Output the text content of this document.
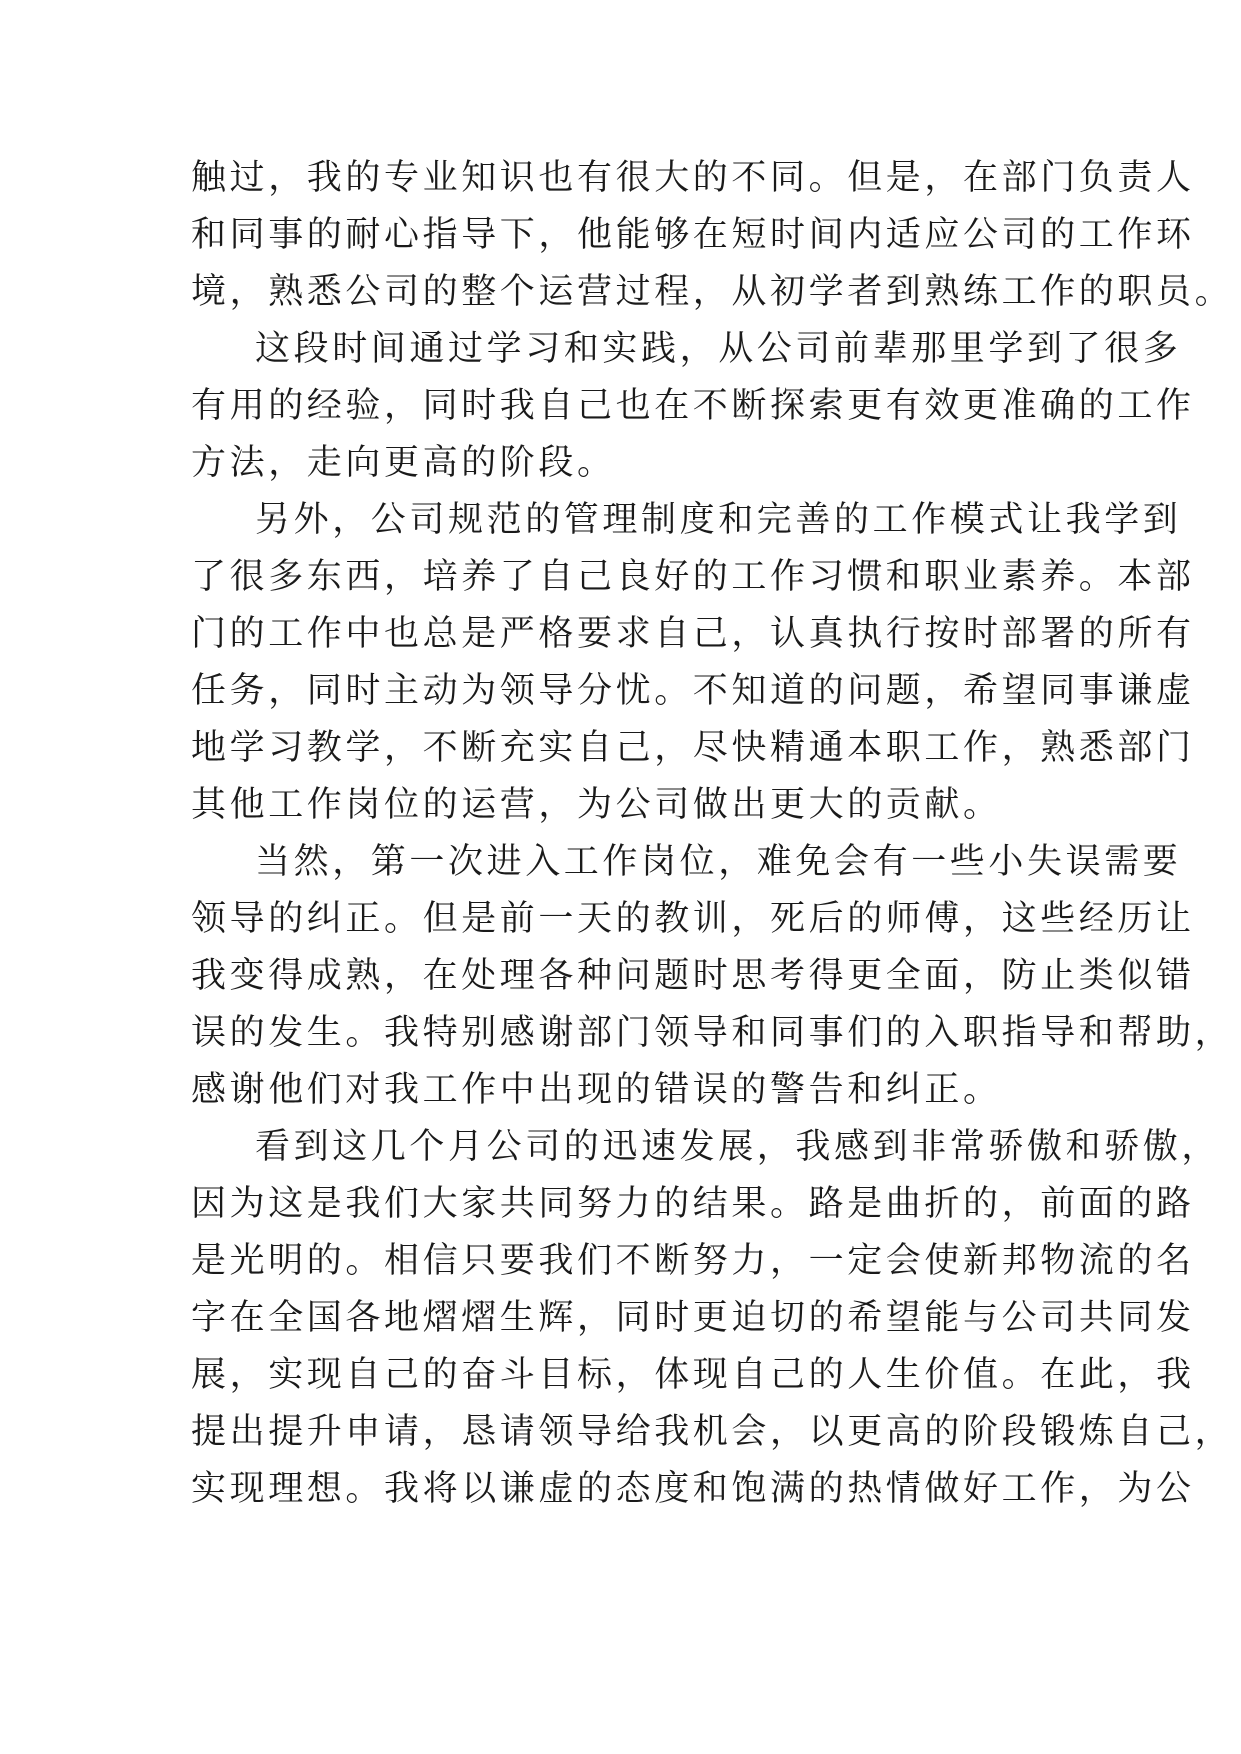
触过，我的专业知识也有很大的不同。但是，在部门负责人
和同事的耐心指导下，他能够在短时间内适应公司的工作环
境，熟悉公司的整个运营过程，从初学者到熟练工作的职员。
这段时间通过学习和实践，从公司前辈那里学到了很多
有用的经验，同时我自己也在不断探索更有效更准确的工作
方法，走向更高的阶段。
另外，公司规范的管理制度和完善的工作模式让我学到
了很多东西，培养了自己良好的工作习惯和职业素养。本部
门的工作中也总是严格要求自己，认真执行按时部署的所有
任务，同时主动为领导分忧。不知道的问题，希望同事谦虚
地学习教学，不断充实自己，尽快精通本职工作，熟悉部门
其他工作岗位的运营，为公司做出更大的贡献。
当然，第一次进入工作岗位，难免会有一些小失误需要
领导的纠正。但是前一天的教训，死后的师傅，这些经历让
我变得成熟，在处理各种问题时思考得更全面，防止类似错
误的发生。我特别感谢部门领导和同事们的入职指导和帮助，
感谢他们对我工作中出现的错误的警告和纠正。
看到这几个月公司的迅速发展，我感到非常骄傲和骄傲，
因为这是我们大家共同努力的结果。路是曲折的，前面的路
是光明的。相信只要我们不断努力，一定会使新邦物流的名
字在全国各地熠熠生辉，同时更迫切的希望能与公司共同发
展，实现自己的奋斗目标，体现自己的人生价值。在此，我
提出提升申请，恳请领导给我机会，以更高的阶段锻炼自己，
实现理想。我将以谦虚的态度和饱满的热情做好工作，为公
